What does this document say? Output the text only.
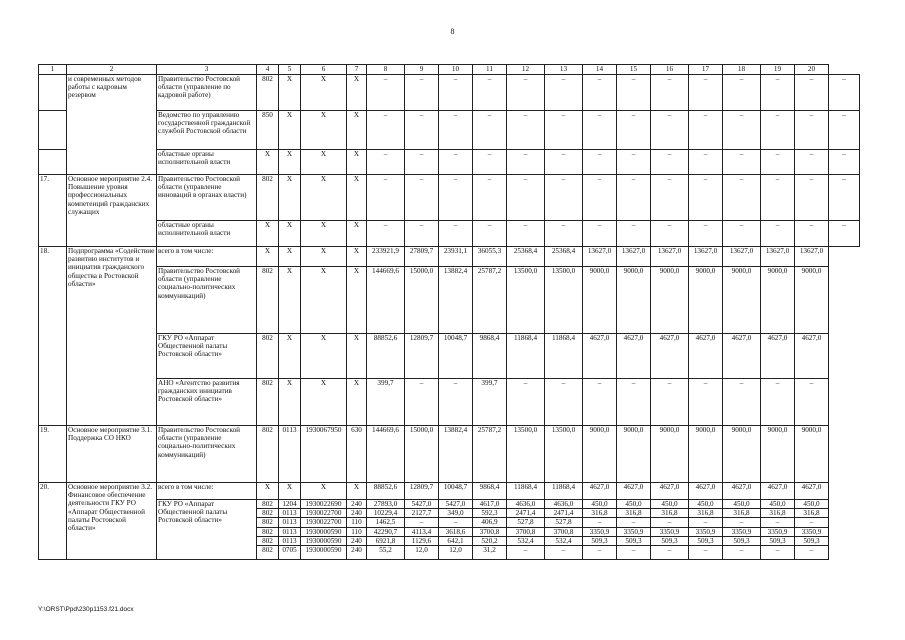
8
1	2	3	4	5	6	7	8	9	10	11	12	13	14	15	16	17	18	19	20	
	и современных методов работы с кадровым резервом	Правительство Ростовской области (управление по кадровой работе)	802	X	X	X	–	–	–	–	–	–	–	–	–	–	–	–	–	–
		Ведомство по управлению государственной гражданской службой Ростовской области	850	X	X	X	–	–	–	–	–	–	–	–	–	–	–	–	–	–
		областные органы исполнительной власти	X	X	X	X	–	–	–	–	–	–	–	–	–	–	–	–	–	–
17.	Основное мероприятие 2.4. Повышение уровня профессиональных компетенций гражданских служащих	Правительство Ростовской области (управление инноваций в органах власти)	802	X	X	X	–	–	–	–	–	–	–	–	–	–	–	–	–	–
		областные органы исполнительной власти	X	X	X	X	–	–	–	–	–	–	–	–	–	–	–	–	–	–
18.	Подпрограмма «Содействие развитию институтов и инициатив гражданского общества в Ростовской области»	всего в том числе:	X	X	X	X	233921,9	27809,7	23931,1	36055,3	25368,4	25368,4	13627,0	13627,0	13627,0	13627,0	13627,0	13627,0	13627,0	
		Правительство Ростовской области (управление социально-политических коммуникаций)	802	X	X	X	144669,6	15000,0	13882,4	25787,2	13500,0	13500,0	9000,0	9000,0	9000,0	9000,0	9000,0	9000,0	9000,0	
		ГКУ РО «Аппарат Общественной палаты Ростовской области»	802	X	X	X	88852,6	12809,7	10048,7	9868,4	11868,4	11868,4	4627,0	4627,0	4627,0	4627,0	4627,0	4627,0	4627,0	
		АНО «Агентство развития гражданских инициатив Ростовской области»	802	X	X	X	399,7	–	–	399,7	–	–	–	–	–	–	–	–	–	
19.	Основное мероприятие 3.1. Поддержка СО НКО	Правительство Ростовской области (управление социально-политических коммуникаций)	802	0113	1930067950	630	144669,6	15000,0	13882,4	25787,2	13500,0	13500,0	9000,0	9000,0	9000,0	9000,0	9000,0	9000,0	9000,0	
20.	Основное мероприятие 3.2. Финансовое обеспечение деятельности ГКУ РО «Аппарат Общественной палаты Ростовской области»	всего в том числе:	X	X	X	X	88852,6	12809,7	10048,7	9868,4	11868,4	11868,4	4627,0	4627,0	4627,0	4627,0	4627,0	4627,0	4627,0	
		ГКУ РО «Аппарат Общественной палаты Ростовской области»	802	1204	1930022690	240	27893,0	5427,0	5427,0	4617,0	4636,0	4636,0	450,0	450,0	450,0	450,0	450,0	450,0	450,0	
			802	0113	1930022700	240	10229,4	2127,7	349,0	592,3	2471,4	2471,4	316,8	316,8	316,8	316,8	316,8	316,8	316,8	
			802	0113	1930022700	110	1462,5	–	–	406,9	527,8	527,8	–	–	–	–	–	–	–	
			802	0113	1930000590	110	42290,7	4113,4	3618,6	3700,8	3700,8	3700,8	3350,9	3350,9	3350,9	3350,9	3350,9	3350,9	3350,9	
			802	0113	1930000590	240	6921,8	1129,6	642,1	520,2	532,4	532,4	509,3	509,3	509,3	509,3	509,3	509,3	509,3	
			802	0705	1930000590	240	55,2	12,0	12,0	31,2	–	–	–	–	–	–	–	–	–	
Y:\ORST\Ppd\230p1153.f21.docx
